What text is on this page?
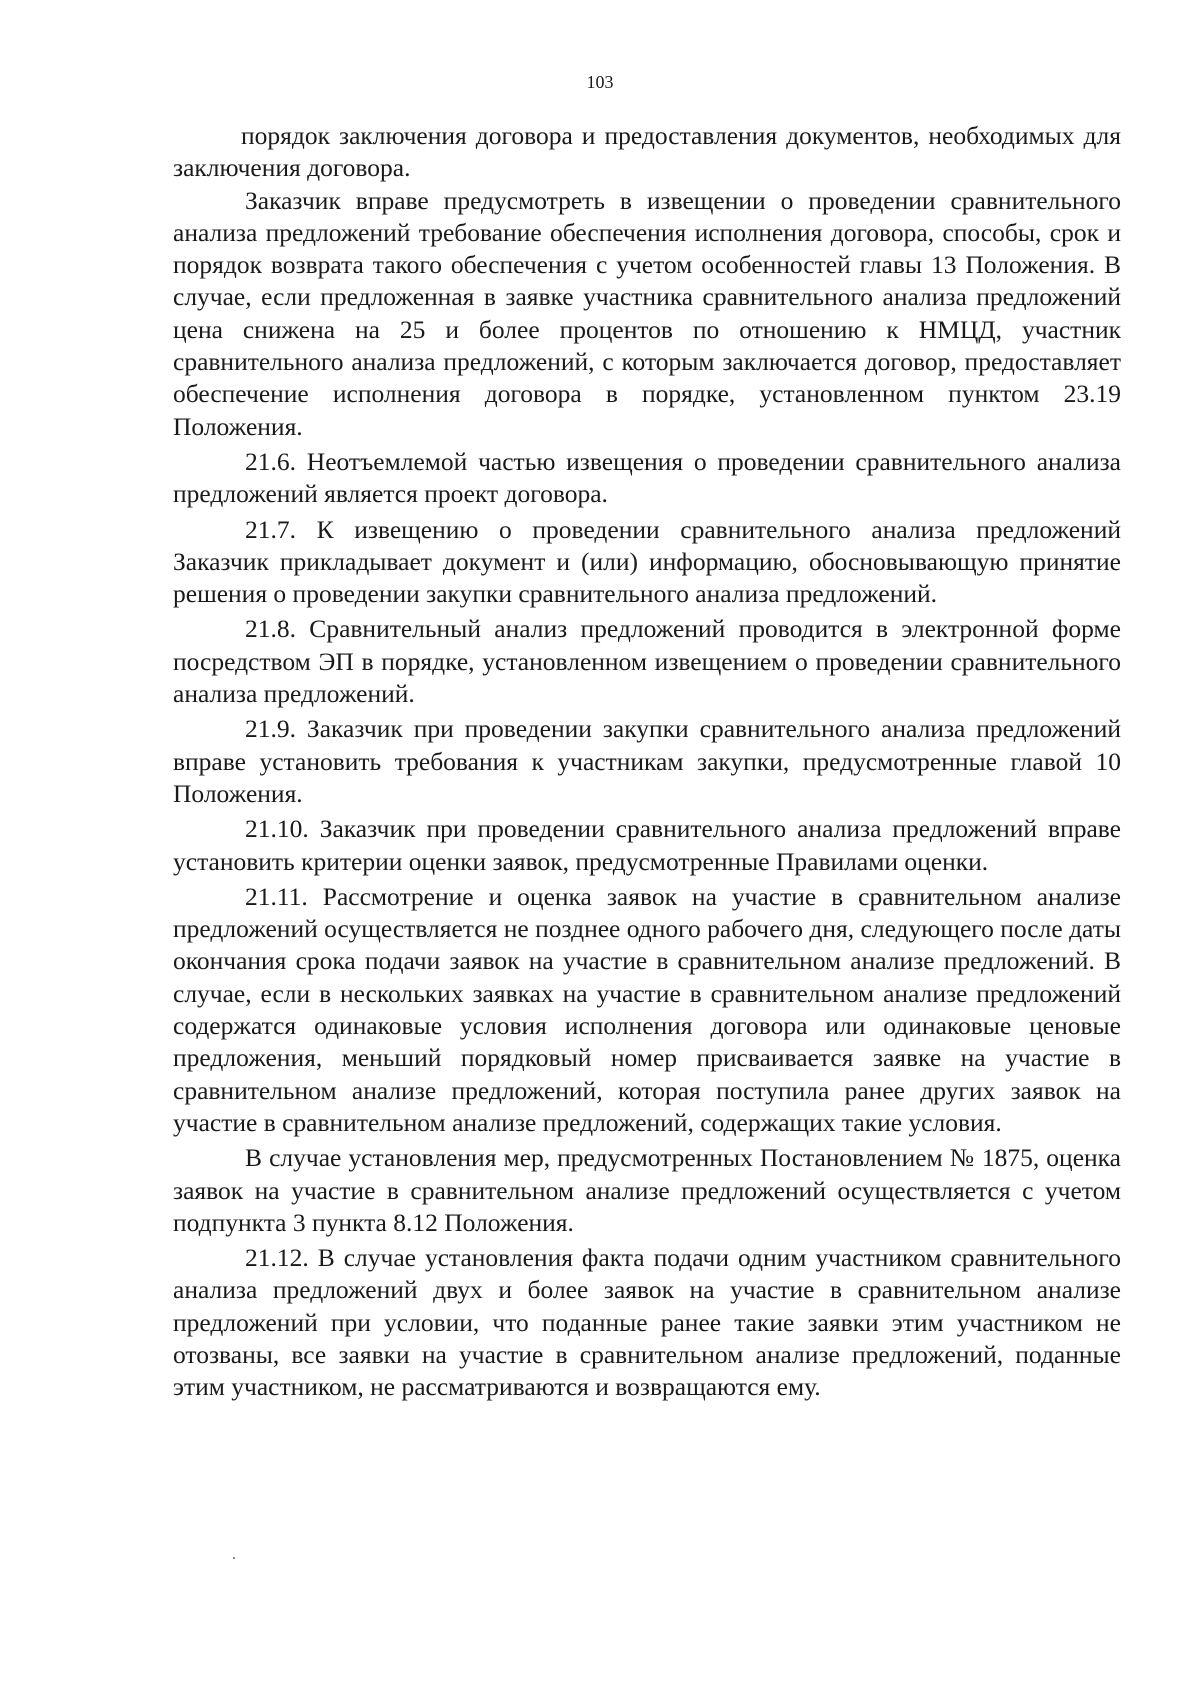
103

порядок заключения договора и предоставления документов, необходимых для заключения договора.

Заказчик вправе предусмотреть в извещении о проведении сравнительного анализа предложений требование обеспечения исполнения договора, способы, срок и порядок возврата такого обеспечения с учетом особенностей главы 13 Положения. В случае, если предложенная в заявке участника сравнительного анализа предложений цена снижена на 25 и более процентов по отношению к НМЦД, участник сравнительного анализа предложений, с которым заключается договор, предоставляет обеспечение исполнения договора в порядке, установленном пунктом 23.19 Положения.

21.6. Неотъемлемой частью извещения о проведении сравнительного анализа предложений является проект договора.

21.7. К извещению о проведении сравнительного анализа предложений Заказчик прикладывает документ и (или) информацию, обосновывающую принятие решения о проведении закупки сравнительного анализа предложений.

21.8. Сравнительный анализ предложений проводится в электронной форме посредством ЭП в порядке, установленном извещением о проведении сравнительного анализа предложений.

21.9. Заказчик при проведении закупки сравнительного анализа предложений вправе установить требования к участникам закупки, предусмотренные главой 10 Положения.

21.10. Заказчик при проведении сравнительного анализа предложений вправе установить критерии оценки заявок, предусмотренные Правилами оценки.

21.11. Рассмотрение и оценка заявок на участие в сравнительном анализе предложений осуществляется не позднее одного рабочего дня, следующего после даты окончания срока подачи заявок на участие в сравнительном анализе предложений. В случае, если в нескольких заявках на участие в сравнительном анализе предложений содержатся одинаковые условия исполнения договора или одинаковые ценовые предложения, меньший порядковый номер присваивается заявке на участие в сравнительном анализе предложений, которая поступила ранее других заявок на участие в сравнительном анализе предложений, содержащих такие условия.

В случае установления мер, предусмотренных Постановлением № 1875, оценка заявок на участие в сравнительном анализе предложений осуществляется с учетом подпункта 3 пункта 8.12 Положения.

21.12. В случае установления факта подачи одним участником сравнительного анализа предложений двух и более заявок на участие в сравнительном анализе предложений при условии, что поданные ранее такие заявки этим участником не отозваны, все заявки на участие в сравнительном анализе предложений, поданные этим участником, не рассматриваются и возвращаются ему.
